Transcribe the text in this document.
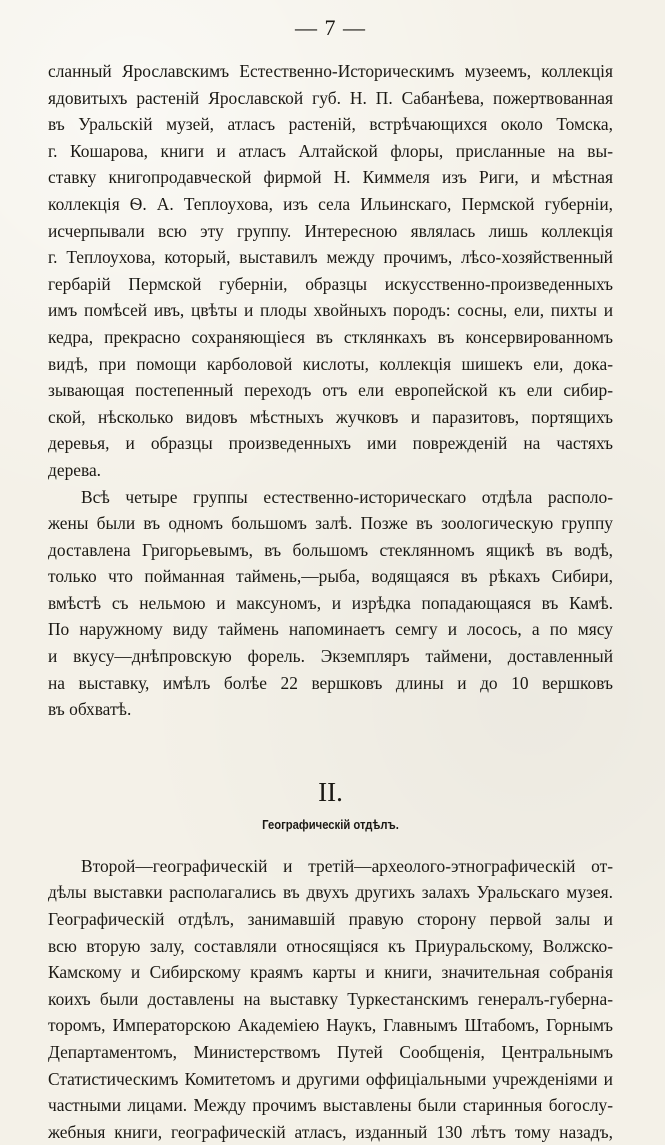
— 7 —

сланный Ярославскимъ Естественно-Историческимъ музеемъ, коллекція
ядовитыхъ растеній Ярославской губ. Н. П. Сабанѣева, пожертвованная
въ Уральскій музей, атласъ растеній, встрѣчающихся около Томска,
г. Кошарова, книги и атласъ Алтайской флоры, присланные на вы-
ставку книгопродавческой фирмой Н. Киммеля изъ Риги, и мѣстная
коллекція Ѳ. А. Теплоухова, изъ села Ильинскаго, Пермской губерніи,
исчерпывали всю эту группу. Интересною являлась лишь коллекція
г. Теплоухова, который, выставилъ между прочимъ, лѣсо-хозяйственный
гербарій Пермской губерніи, образцы искусственно-произведенныхъ
имъ помѣсей ивъ, цвѣты и плоды хвойныхъ породъ: сосны, ели, пихты и
кедра, прекрасно сохраняющіеся въ стклянкахъ въ консервированномъ
видѣ, при помощи карболовой кислоты, коллекція шишекъ ели, дока-
зывающая постепенный переходъ отъ ели европейской къ ели сибир-
ской, нѣсколько видовъ мѣстныхъ жучковъ и паразитовъ, портящихъ
деревья, и образцы произведенныхъ ими поврежденій на частяхъ
дерева.

Всѣ четыре группы естественно-историческаго отдѣла располо-
жены были въ одномъ большомъ залѣ. Позже въ зоологическую группу
доставлена Григорьевымъ, въ большомъ стеклянномъ ящикѣ въ водѣ,
только что пойманная таймень,—рыба, водящаяся въ рѣкахъ Сибири,
вмѣстѣ съ нельмою и максуномъ, и изрѣдка попадающаяся въ Камѣ.
По наружному виду таймень напоминаетъ семгу и лосось, а по мясу
и вкусу—днѣпровскую форель. Экземпляръ таймени, доставленный
на выставку, имѣлъ болѣе 22 вершковъ длины и до 10 вершковъ
въ обхватѣ.

II.
Географическій отдѣлъ.

Второй—географическій и третій—археолого-этнографическій от-
дѣлы выставки располагались въ двухъ другихъ залахъ Уральскаго музея.
Географическій отдѣлъ, занимавшій правую сторону первой залы и
всю вторую залу, составляли относящіяся къ Приуральскому, Волжско-
Камскому и Сибирскому краямъ карты и книги, значительная собранія
коихъ были доставлены на выставку Туркестанскимъ генералъ-губерна-
торомъ, Императорскою Академіею Наукъ, Главнымъ Штабомъ, Горнымъ
Департаментомъ, Министерствомъ Путей Сообщенія, Центральнымъ
Статистическимъ Комитетомъ и другими оффиціальными учрежденіями и
частными лицами. Между прочимъ выставлены были старинныя богослу-
жебныя книги, географическій атласъ, изданный 130 лѣтъ тому назадъ,
